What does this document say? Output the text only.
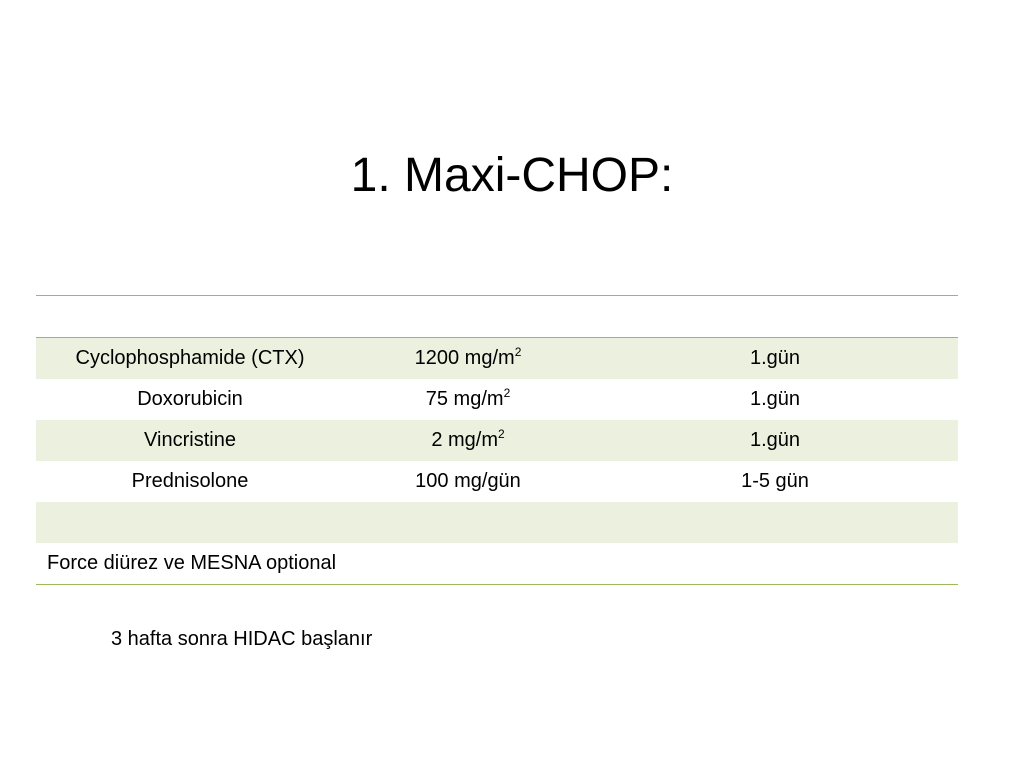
1. Maxi-CHOP:

Cyclophosphamide (CTX)	1200 $mg/m^2$	1.gün
Doxorubicin	75 $mg/m^2$	1.gün
Vincristine	2 $mg/m^2$	1.gün
Prednisolone	100 mg/gün	1-5 gün

Force diürez ve MESNA optional		

3 hafta sonra HIDAC başlanır
